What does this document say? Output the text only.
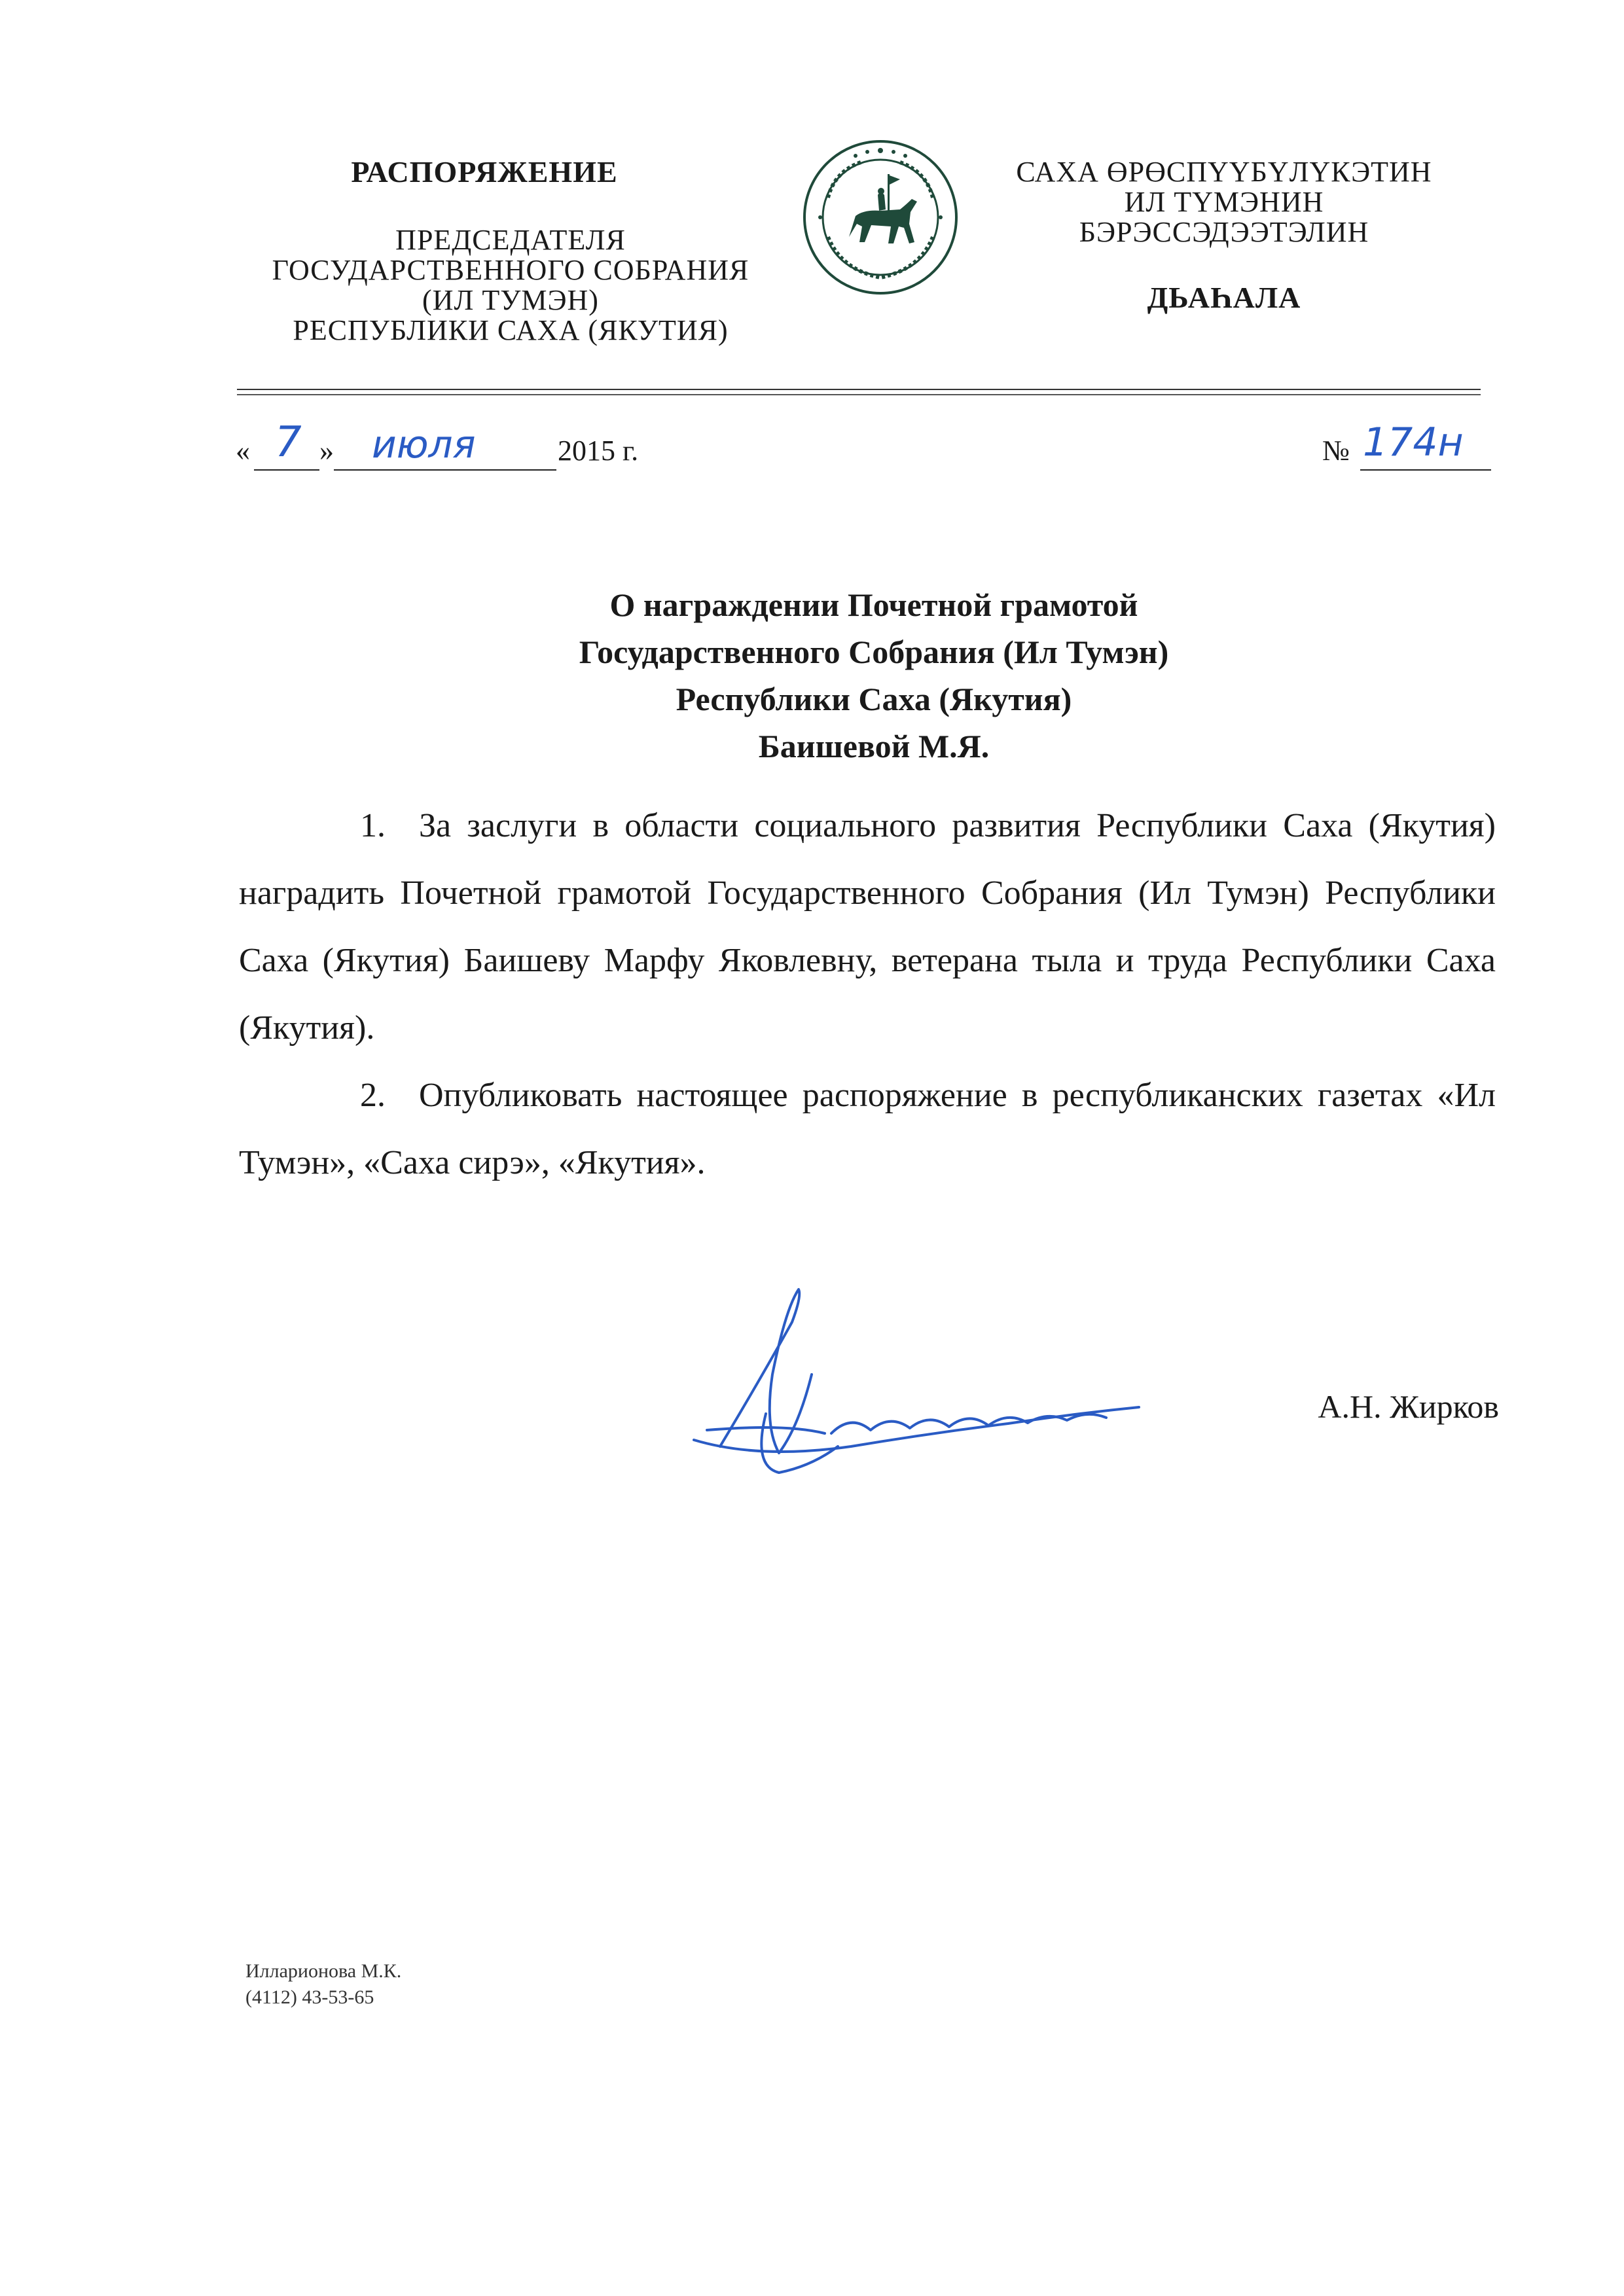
РАСПОРЯЖЕНИЕ
ПРЕДСЕДАТЕЛЯ
ГОСУДАРСТВЕННОГО СОБРАНИЯ
(ИЛ ТУМЭН)
РЕСПУБЛИКИ САХА (ЯКУТИЯ)
САХА ӨРӨСПҮҮБҮЛҮКЭТИН
ИЛ ТҮМЭНИН
БЭРЭССЭДЭЭТЭЛИН
ДЬАҺАЛА
« 7 » июля	2015 г.	№ 174н
О награждении Почетной грамотой
Государственного Собрания (Ил Тумэн)
Республики Саха (Якутия)
Баишевой М.Я.

1. За заслуги в области социального развития Республики Саха (Якутия) наградить Почетной грамотой Государственного Собрания (Ил Тумэн) Республики Саха (Якутия) Баишеву Марфу Яковлевну, ветерана тыла и труда Республики Саха (Якутия).

2. Опубликовать настоящее распоряжение в республиканских газетах «Ил Тумэн», «Саха сирэ», «Якутия».

А.Н. Жирков
Илларионова М.К.
(4112) 43-53-65
